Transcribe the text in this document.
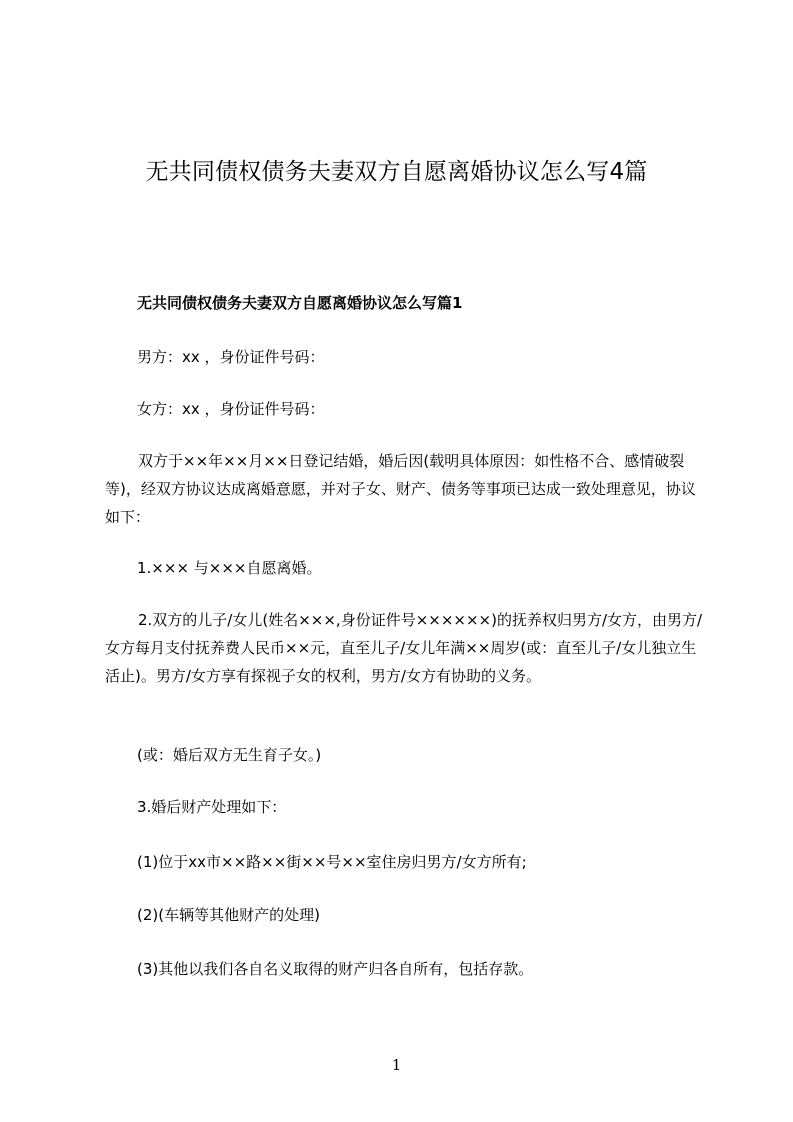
无共同债权债务夫妻双方自愿离婚协议怎么写4篇
无共同债权债务夫妻双方自愿离婚协议怎么写篇1

男方：xx ，身份证件号码：

女方：xx ，身份证件号码：

双方于××年××月××日登记结婚，婚后因(载明具体原因：如性格不合、感情破裂等)，经双方协议达成离婚意愿，并对子女、财产、债务等事项已达成一致处理意见，协议如下：

1.××× 与×××自愿离婚。

2.双方的儿子/女儿(姓名×××,身份证件号××××××)的抚养权归男方/女方，由男方/女方每月支付抚养费人民币××元，直至儿子/女儿年满××周岁(或：直至儿子/女儿独立生活止)。男方/女方享有探视子女的权利，男方/女方有协助的义务。

(或：婚后双方无生育子女。)

3.婚后财产处理如下：

(1)位于xx市××路××街××号××室住房归男方/女方所有;

(2)(车辆等其他财产的处理)

(3)其他以我们各自名义取得的财产归各自所有，包括存款。

1
